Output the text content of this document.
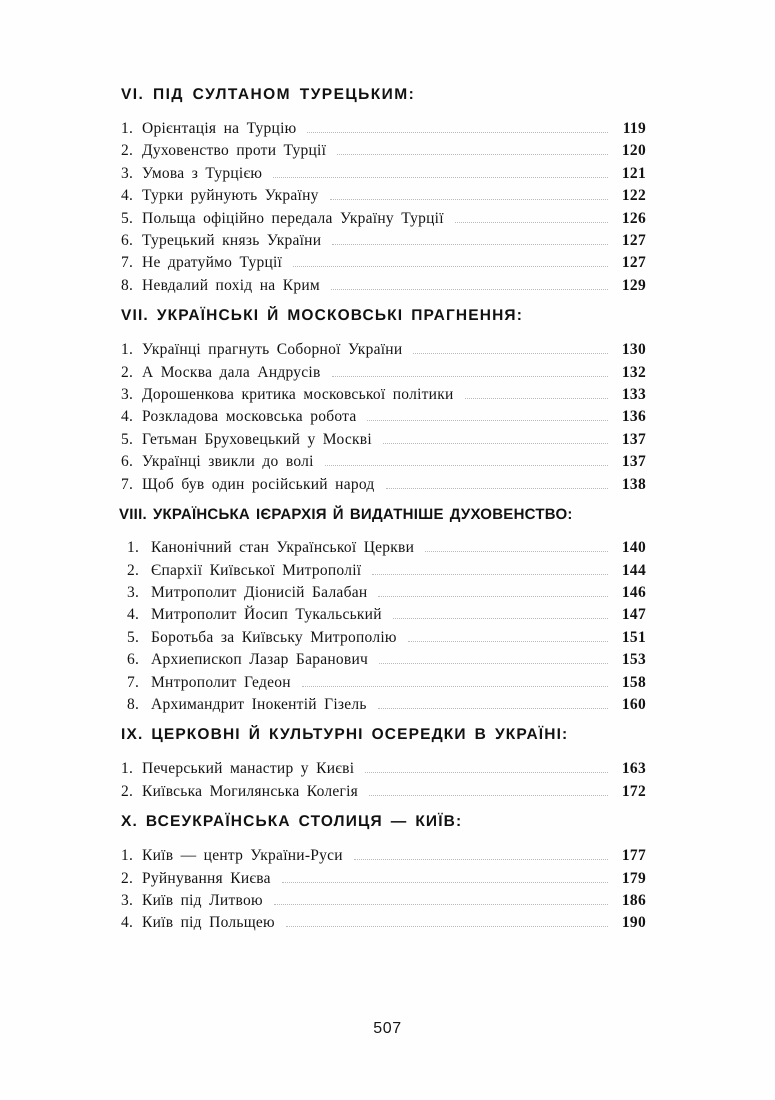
VI. ПІД СУЛТАНОМ ТУРЕЦЬКИМ:
1. Орієнтація на Турцію	119
2. Духовенство проти Турції	120
3. Умова з Турцією	121
4. Турки руйнують Україну	122
5. Польща офіційно передала Україну Турції	126
6. Турецький князь України	127
7. Не дратуймо Турції	127
8. Невдалий похід на Крим	129
VII. УКРАЇНСЬКІ Й МОСКОВСЬКІ ПРАГНЕННЯ:
1. Українці прагнуть Соборної України	130
2. А Москва дала Андрусів	132
3. Дорошенкова критика московської політики	133
4. Розкладова московська робота	136
5. Гетьман Бруховецький у Москві	137
6. Українці звикли до волі	137
7. Щоб був один російський народ	138
VIII. УКРАЇНСЬКА ІЄРАРХІЯ Й ВИДАТНІШЕ ДУХОВЕНСТВО:
1. Канонічний стан Української Церкви	140
2. Єпархії Київської Митрополії	144
3. Митрополит Діонисій Балабан	146
4. Митрополит Йосип Тукальський	147
5. Боротьба за Київську Митрополію	151
6. Архиепископ Лазар Баранович	153
7. Мнтрополит Гедеон	158
8. Архимандрит Інокентій Гізель	160
IX. ЦЕРКОВНІ Й КУЛЬТУРНІ ОСЕРЕДКИ В УКРАЇНІ:
1. Печерський манастир у Києві	163
2. Київська Могилянська Колегія	172
X. ВСЕУКРАЇНСЬКА СТОЛИЦЯ — КИЇВ:
1. Київ — центр України-Руси	177
2. Руйнування Києва	179
3. Київ під Литвою	186
4. Київ під Польщею	190
507
